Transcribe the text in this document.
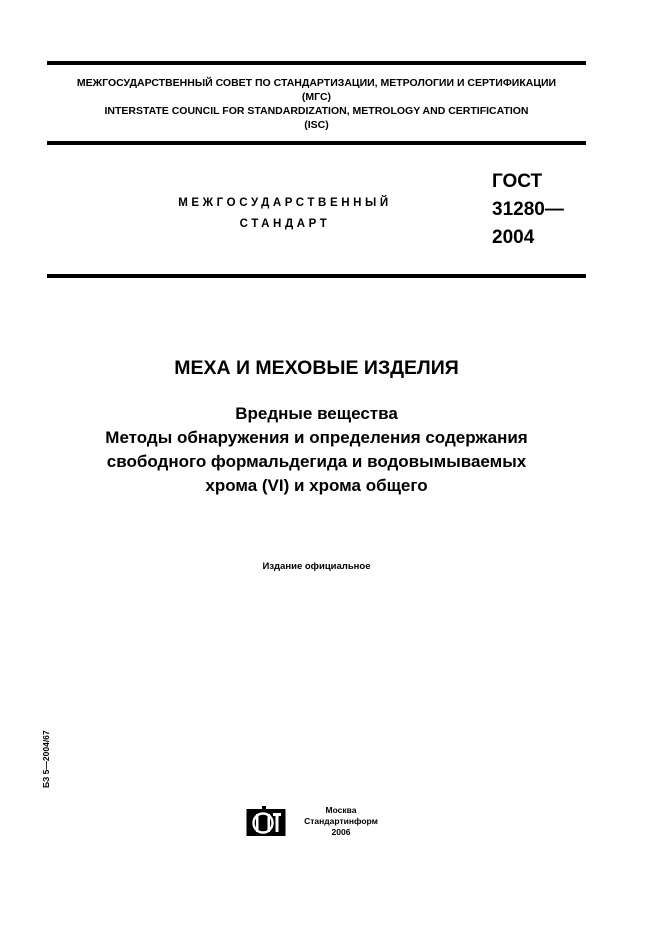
МЕЖГОСУДАРСТВЕННЫЙ СОВЕТ ПО СТАНДАРТИЗАЦИИ, МЕТРОЛОГИИ И СЕРТИФИКАЦИИ
(МГС)
INTERSTATE COUNCIL FOR STANDARDIZATION, METROLOGY AND CERTIFICATION
(ISC)
МЕЖГОСУДАРСТВЕННЫЙ
СТАНДАРТ
ГОСТ
31280—
2004
МЕХА И МЕХОВЫЕ ИЗДЕЛИЯ
Вредные вещества
Методы обнаружения и определения содержания
свободного формальдегида и водовымываемых
хрома (VI) и хрома общего
Издание официальное
БЗ 5—2004/67
Москва
Стандартинформ
2006
